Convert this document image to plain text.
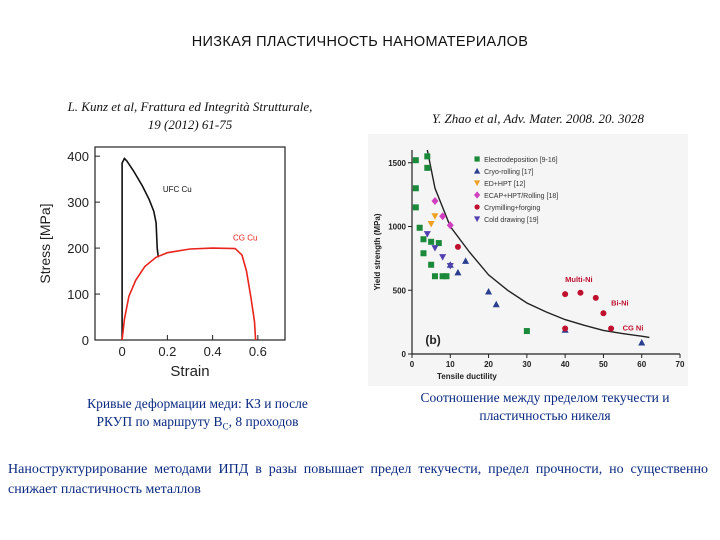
НИЗКАЯ ПЛАСТИЧНОСТЬ НАНОМАТЕРИАЛОВ
L. Kunz et al, Frattura ed Integrità Strutturale,
19 (2012) 61-75	Y. Zhao et al, Adv. Mater. 2008. 20. 3028
0
100
200
300
400
0	0.2 0.4 0.6
Strain
Stress [MPa]
UFC Cu
CG Cu
0
500
1000
1500
0	10	20	30	40	50	60	70
Tensile ductility
Yield strength (MPa)
Electrodeposition [9-16]
Cryo-rolling [17]
ED+HPT [12]
ECAP+HPT/Rolling [18]
Crymilling+forging
Cold drawing [19]
Multi-Ni
Bi-Ni
CG Ni
(b)
Кривые деформации меди: КЗ и после
РКУП по маршруту $В_C$, 8 проходов
Соотношение между пределом текучести и
пластичностью никеля
Наноструктурирование методами ИПД в разы повышает предел текучести, предел прочности, но существенно снижает пластичность металлов
